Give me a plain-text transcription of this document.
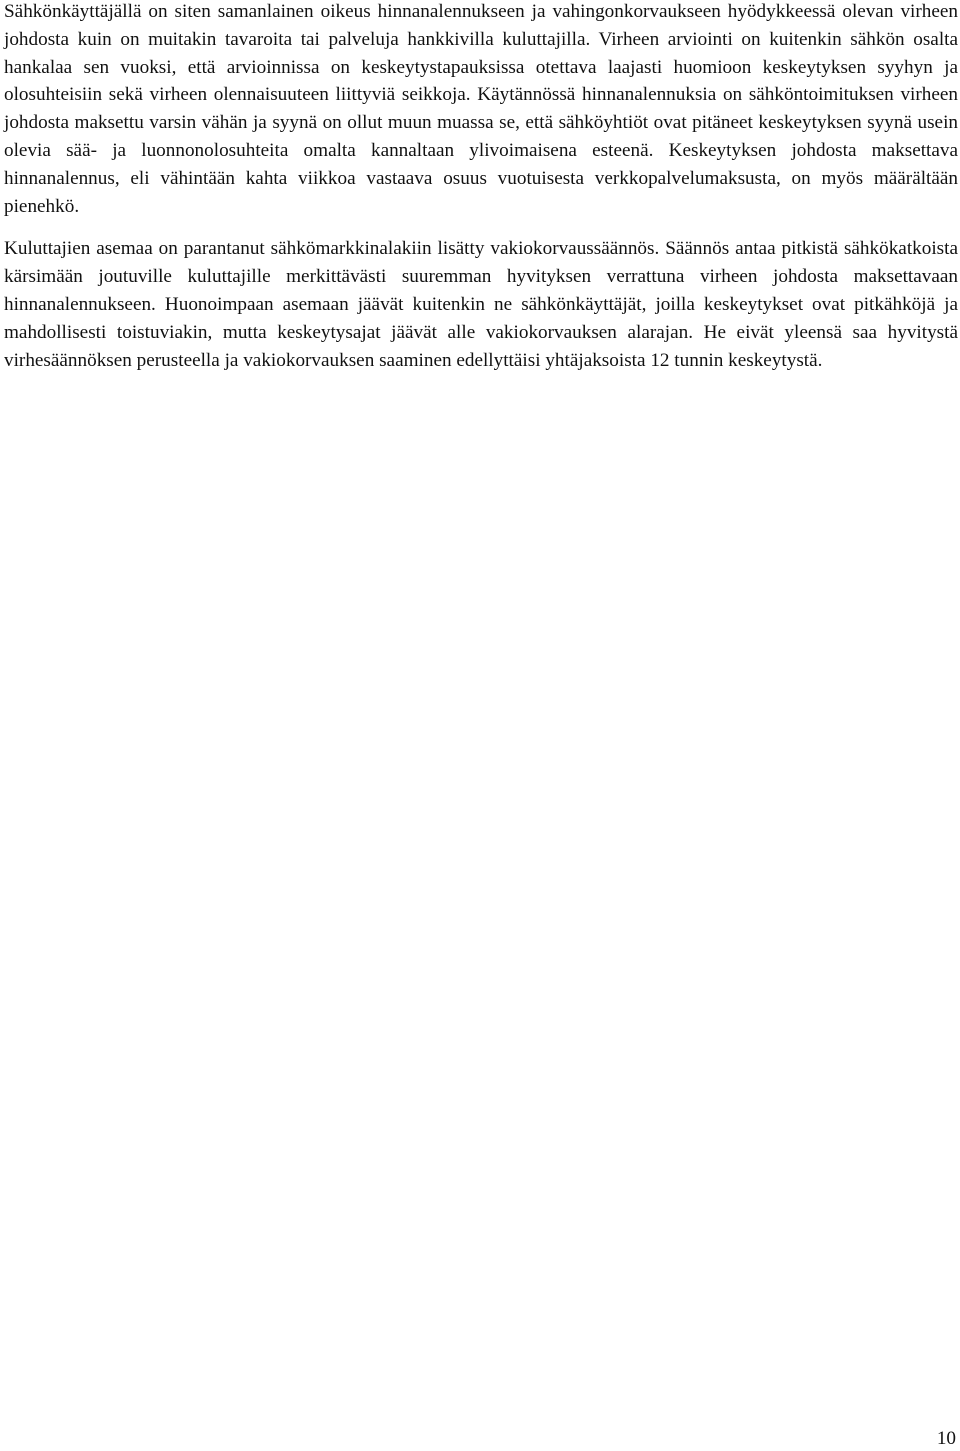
Sähkönkäyttäjällä on siten samanlainen oikeus hinnanalennukseen ja vahingonkorvaukseen hyödykkeessä olevan virheen johdosta kuin on muitakin tavaroita tai palveluja hankkivilla kuluttajilla. Virheen arviointi on kuitenkin sähkön osalta hankalaa sen vuoksi, että arvioinnissa on keskeytystapauksissa otettava laajasti huomioon keskeytyksen syyhyn ja olosuhteisiin sekä virheen olennaisuuteen liittyviä seikkoja. Käytännössä hinnanalennuksia on sähköntoimituksen virheen johdosta maksettu varsin vähän ja syynä on ollut muun muassa se, että sähköyhtiöt ovat pitäneet keskeytyksen syynä usein olevia sää- ja luonnonolosuhteita omalta kannaltaan ylivoimaisena esteenä. Keskeytyksen johdosta maksettava hinnanalennus, eli vähintään kahta viikkoa vastaava osuus vuotuisesta verkkopalvelumaksusta, on myös määrältään pienehkö.

Kuluttajien asemaa on parantanut sähkömarkkinalakiin lisätty vakiokorvaussäännös. Säännös antaa pitkistä sähkökatkoista kärsimään joutuville kuluttajille merkittävästi suuremman hyvityksen verrattuna virheen johdosta maksettavaan hinnanalennukseen. Huonoimpaan asemaan jäävät kuitenkin ne sähkönkäyttäjät, joilla keskeytykset ovat pitkähköjä ja mahdollisesti toistuviakin, mutta keskeytysajat jäävät alle vakiokorvauksen alarajan. He eivät yleensä saa hyvitystä virhesäännöksen perusteella ja vakiokorvauksen saaminen edellyttäisi yhtäjaksoista 12 tunnin keskeytystä.

10
